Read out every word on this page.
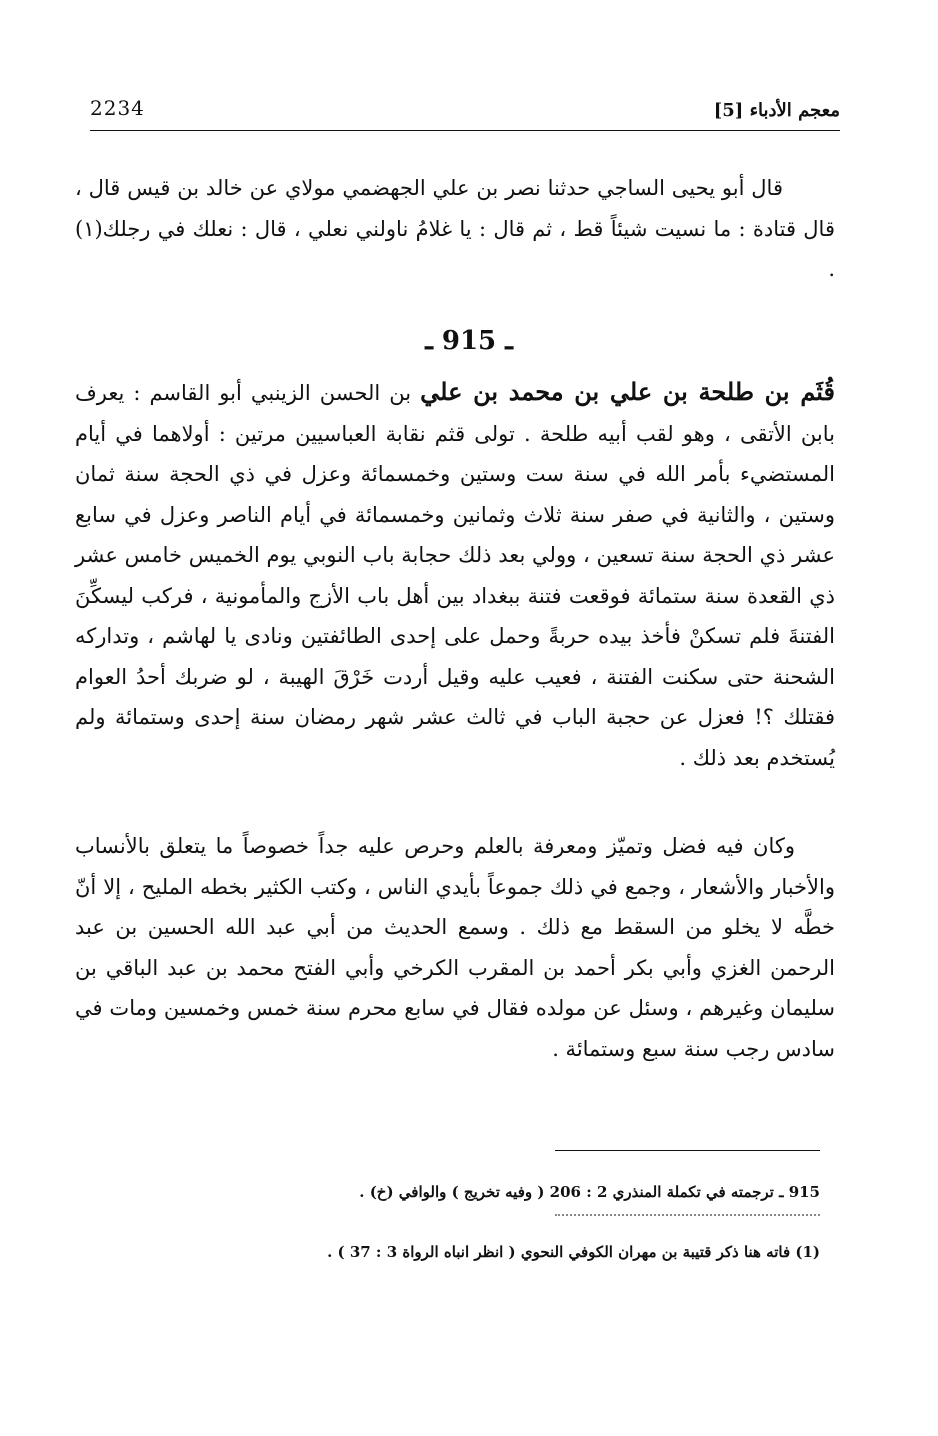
2234	معجم الأدباء [5]

قال أبو يحيى الساجي حدثنا نصر بن علي الجهضمي مولاي عن خالد بن قيس قال ، قال قتادة : ما نسيت شيئاً قط ، ثم قال : يا غلامُ ناولني نعلي ، قال : نعلك في رجلك(١) .

ـ 915 ـ

قُثَم بن طلحة بن علي بن محمد بن علي بن الحسن الزينبي أبو القاسم : يعرف بابن الأتقى ، وهو لقب أبيه طلحة . تولى قثم نقابة العباسيين مرتين : أولاهما في أيام المستضيء بأمر الله في سنة ست وستين وخمسمائة وعزل في ذي الحجة سنة ثمان وستين ، والثانية في صفر سنة ثلاث وثمانين وخمسمائة في أيام الناصر وعزل في سابع عشر ذي الحجة سنة تسعين ، وولي بعد ذلك حجابة باب النوبي يوم الخميس خامس عشر ذي القعدة سنة ستمائة فوقعت فتنة ببغداد بين أهل باب الأزج والمأمونية ، فركب ليسكِّنَ الفتنةَ فلم تسكنْ فأخذ بيده حربةً وحمل على إحدى الطائفتين ونادى يا لهاشم ، وتداركه الشحنة حتى سكنت الفتنة ، فعيب عليه وقيل أردت خَرْقَ الهيبة ، لو ضربك أحدُ العوام فقتلك ؟! فعزل عن حجبة الباب في ثالث عشر شهر رمضان سنة إحدى وستمائة ولم يُستخدم بعد ذلك .

وكان فيه فضل وتميّز ومعرفة بالعلم وحرص عليه جداً خصوصاً ما يتعلق بالأنساب والأخبار والأشعار ، وجمع في ذلك جموعاً بأيدي الناس ، وكتب الكثير بخطه المليح ، إلا أنّ خطَّه لا يخلو من السقط مع ذلك . وسمع الحديث من أبي عبد الله الحسين بن عبد الرحمن الغزي وأبي بكر أحمد بن المقرب الكرخي وأبي الفتح محمد بن عبد الباقي بن سليمان وغيرهم ، وسئل عن مولده فقال في سابع محرم سنة خمس وخمسين ومات في سادس رجب سنة سبع وستمائة .

915 ـ ترجمته في تكملة المنذري 2 : 206 ( وفيه تخريج ) والوافي (خ) .
(1) فاته هنا ذكر قتيبة بن مهران الكوفي النحوي ( انظر انباه الرواة 3 : 37 ) .
